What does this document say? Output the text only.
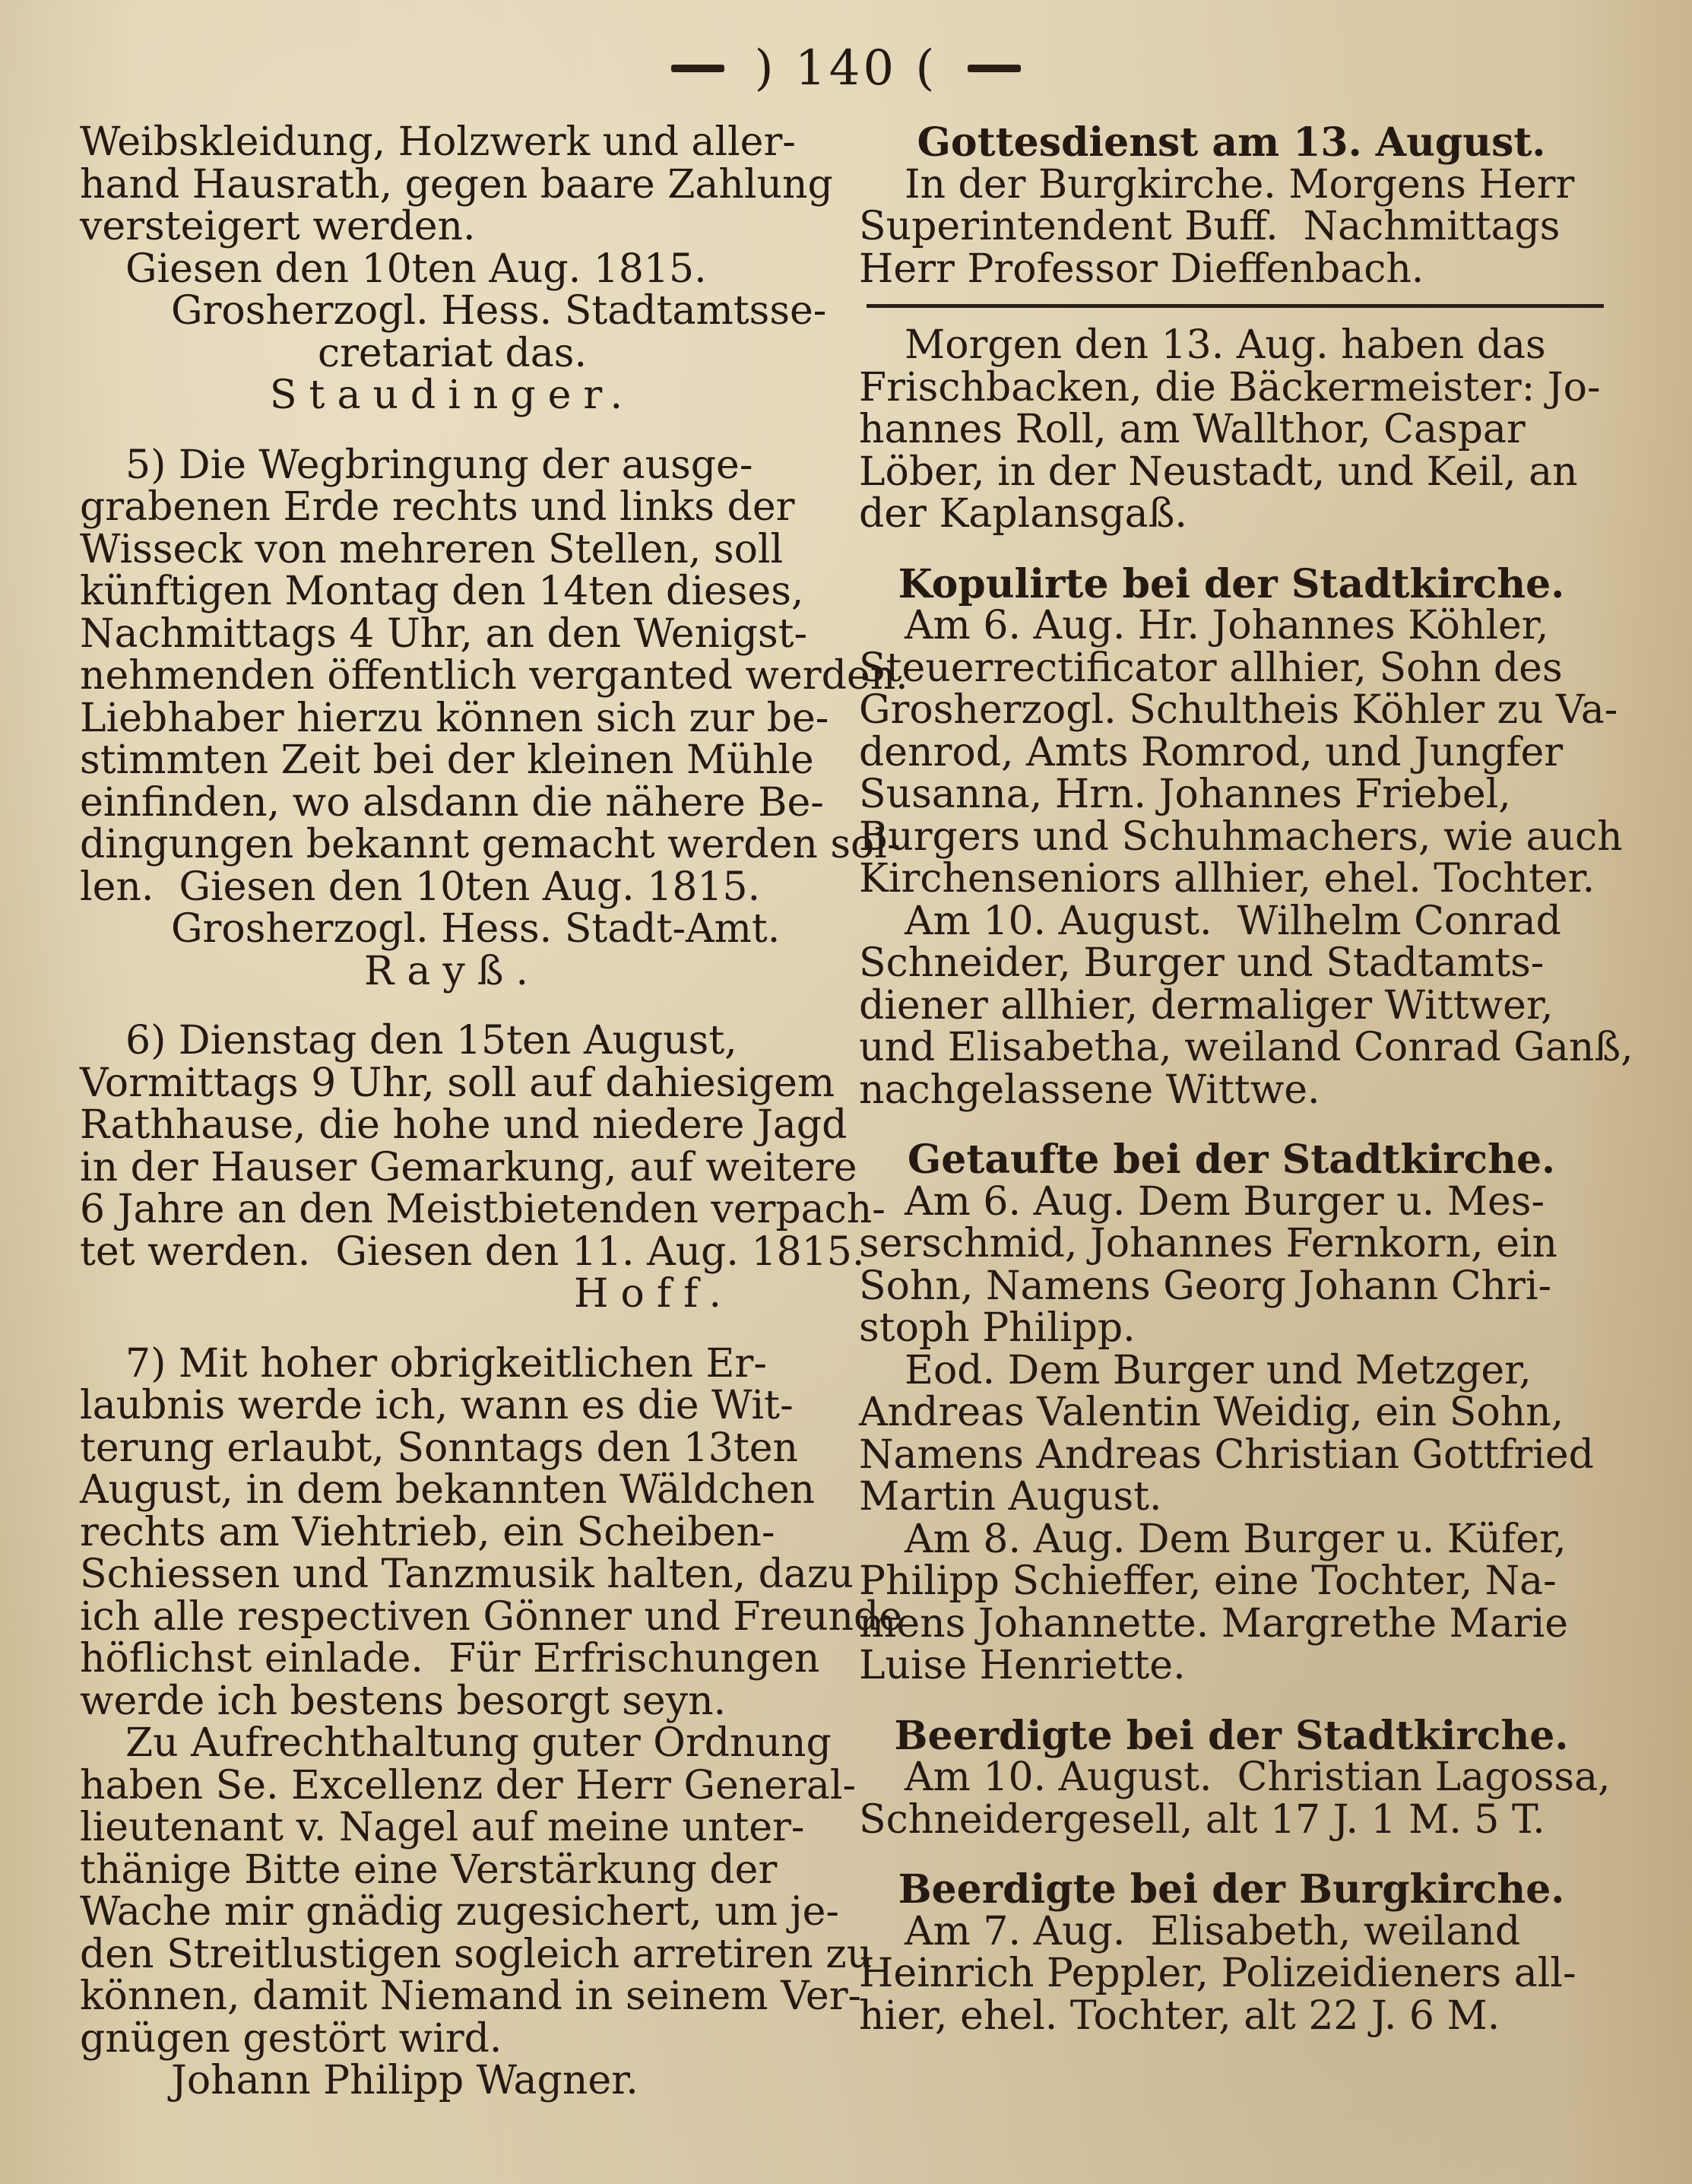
) 140 (
Weibskleidung, Holzwerk und aller-
hand Hausrath, gegen baare Zahlung
versteigert werden.
Giesen den 10ten Aug. 1815.
Grosherzogl. Hess. Stadtamtsse-
cretariat das.
Staudinger.
5) Die Wegbringung der ausge-
grabenen Erde rechts und links der
Wisseck von mehreren Stellen, soll
künftigen Montag den 14ten dieses,
Nachmittags 4 Uhr, an den Wenigst-
nehmenden öffentlich verganted werden.
Liebhaber hierzu können sich zur be-
stimmten Zeit bei der kleinen Mühle
einfinden, wo alsdann die nähere Be-
dingungen bekannt gemacht werden sol-
len.  Giesen den 10ten Aug. 1815.
Grosherzogl. Hess. Stadt-Amt.
Rayß.
6) Dienstag den 15ten August,
Vormittags 9 Uhr, soll auf dahiesigem
Rathhause, die hohe und niedere Jagd
in der Hauser Gemarkung, auf weitere
6 Jahre an den Meistbietenden verpach-
tet werden.  Giesen den 11. Aug. 1815.
Hoff.
7) Mit hoher obrigkeitlichen Er-
laubnis werde ich, wann es die Wit-
terung erlaubt, Sonntags den 13ten
August, in dem bekannten Wäldchen
rechts am Viehtrieb, ein Scheiben-
Schiessen und Tanzmusik halten, dazu
ich alle respectiven Gönner und Freunde
höflichst einlade.  Für Erfrischungen
werde ich bestens besorgt seyn.
Zu Aufrechthaltung guter Ordnung
haben Se. Excellenz der Herr General-
lieutenant v. Nagel auf meine unter-
thänige Bitte eine Verstärkung der
Wache mir gnädig zugesichert, um je-
den Streitlustigen sogleich arretiren zu
können, damit Niemand in seinem Ver-
gnügen gestört wird.
Johann Philipp Wagner.
Gottesdienst am 13. August.
In der Burgkirche. Morgens Herr
Superintendent Buff.  Nachmittags
Herr Professor Dieffenbach.
Morgen den 13. Aug. haben das
Frischbacken, die Bäckermeister: Jo-
hannes Roll, am Wallthor, Caspar
Löber, in der Neustadt, und Keil, an
der Kaplansgaß.
Kopulirte bei der Stadtkirche.
Am 6. Aug. Hr. Johannes Köhler,
Steuerrectificator allhier, Sohn des
Grosherzogl. Schultheis Köhler zu Va-
denrod, Amts Romrod, und Jungfer
Susanna, Hrn. Johannes Friebel,
Burgers und Schuhmachers, wie auch
Kirchenseniors allhier, ehel. Tochter.
Am 10. August.  Wilhelm Conrad
Schneider, Burger und Stadtamts-
diener allhier, dermaliger Wittwer,
und Elisabetha, weiland Conrad Ganß,
nachgelassene Wittwe.
Getaufte bei der Stadtkirche.
Am 6. Aug. Dem Burger u. Mes-
serschmid, Johannes Fernkorn, ein
Sohn, Namens Georg Johann Chri-
stoph Philipp.
Eod. Dem Burger und Metzger,
Andreas Valentin Weidig, ein Sohn,
Namens Andreas Christian Gottfried
Martin August.
Am 8. Aug. Dem Burger u. Küfer,
Philipp Schieffer, eine Tochter, Na-
mens Johannette. Margrethe Marie
Luise Henriette.
Beerdigte bei der Stadtkirche.
Am 10. August.  Christian Lagossa,
Schneidergesell, alt 17 J. 1 M. 5 T.
Beerdigte bei der Burgkirche.
Am 7. Aug.  Elisabeth, weiland
Heinrich Peppler, Polizeidieners all-
hier, ehel. Tochter, alt 22 J. 6 M.
